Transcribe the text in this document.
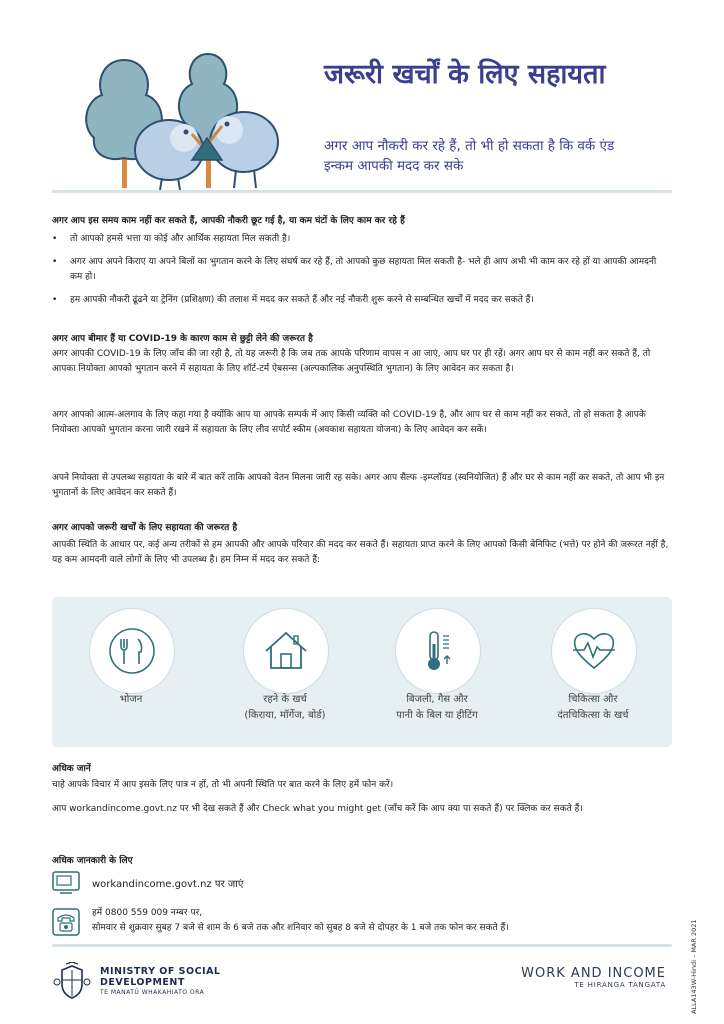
जरूरी खर्चों के लिए सहायता

अगर आप नौकरी कर रहे हैं, तो भी हो सकता है कि वर्क एंड इन्कम आपकी मदद कर सके

अगर आप इस समय काम नहीं कर सकते हैं, आपकी नौकरी छूट गई है, या कम घंटों के लिए काम कर रहे हैं

• तो आपको हमसे भत्ता या कोई और आर्थिक सहायता मिल सकती है।
• अगर आप अपने किराए या अपने बिलों का भुगतान करने के लिए संघर्ष कर रहे हैं, तो आपको कुछ सहायता मिल सकती है- भले ही आप अभी भी काम कर रहे हों या आपकी आमदनी कम हो।
• हम आपकी नौकरी ढूंढने या ट्रेनिंग (प्रशिक्षण) की तलाश में मदद कर सकते हैं और नई नौकरी शुरू करने से सम्बन्धित खर्चों में मदद कर सकते हैं।

अगर आप बीमार हैं या COVID-19 के कारण काम से छुट्टी लेने की जरूरत है

अगर आपकी COVID-19 के लिए जाँच की जा रही है, तो यह जरूरी है कि जब तक आपके परिणाम वापस न आ जाएं, आप घर पर ही रहें। अगर आप घर से काम नहीं कर सकते हैं, तो आपका नियोक्ता आपको भुगतान करने में सहायता के लिए शॉर्ट-टर्म ऐबसन्स (अल्पकालिक अनुपस्थिति भुगतान) के लिए आवेदन कर सकता है।

अगर आपको आत्म-अलगाव के लिए कहा गया है क्योंकि आप या आपके सम्पर्क में आए किसी व्यक्ति को COVID-19 है, और आप घर से काम नहीं कर सकते, तो हो सकता है आपके नियोक्ता आपको भुगतान करना जारी रखने में सहायता के लिए लीव सपोर्ट स्कीम (अवकाश सहायता योजना) के लिए आवेदन कर सकें।

अपने नियोक्ता से उपलब्ध सहायता के बारे में बात करें ताकि आपको वेतन मिलना जारी रह सके। अगर आप सैल्फ -इम्प्लॉयड (स्वनियोजित) हैं और घर से काम नहीं कर सकते, तो आप भी इन भुगतानों के लिए आवेदन कर सकते हैं।

अगर आपको जरूरी खर्चों के लिए सहायता की जरूरत है

आपकी स्थिति के आधार पर, कई अन्य तरीकों से हम आपकी और आपके परिवार की मदद कर सकते हैं। सहायता प्राप्त करने के लिए आपको किसी बेनिफिट (भत्ते) पर होने की जरूरत नहीं है, यह कम आमदनी वाले लोगों के लिए भी उपलब्ध है। हम निम्न में मदद कर सकते हैं:

भोजन	रहने के खर्च
(किराया, मॉर्गेज, बोर्ड)
बिजली, गैस और
पानी के बिल या हीटिंग
चिकित्सा और
दंतचिकित्सा के खर्च

अधिक जानें

चाहे आपके विचार में आप इसके लिए पात्र न हों, तो भी अपनी स्थिति पर बात करने के लिए हमें फोन करें।

आप workandincome.govt.nz पर भी देख सकते हैं और Check what you might get (जाँच करें कि आप क्या पा सकते हैं) पर क्लिक कर सकते हैं।

अधिक जानकारी के लिए

workandincome.govt.nz पर जाएं
हमें 0800 559 009 नम्बर पर,
सोमवार से शुक्रवार सुबह 7 बजे से शाम के 6 बजे तक और शनिवार को सुबह 8 बजे से दोपहर के 1 बजे तक फोन कर सकते हैं।
MINISTRY OF SOCIAL
DEVELOPMENT
TE MANATŪ WHAKAHIATO ORA
WORK AND INCOME
TE HIRANGA TANGATA	ALLA143W-Hindi – MAR 2021
